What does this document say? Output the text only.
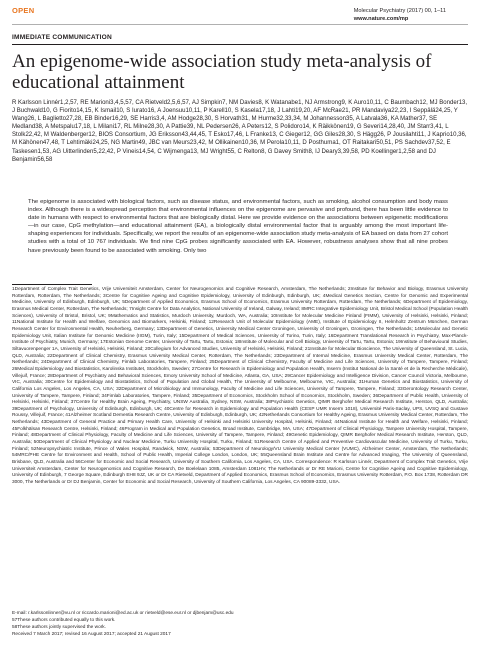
OPEN	Molecular Psychiatry (2017) 00, 1–11
www.nature.com/mp
IMMEDIATE COMMUNICATION
An epigenome-wide association study meta-analysis of educational attainment
R Karlsson Linnér1,2,57, RE Marioni3,4,5,57, CA Rietveld2,5,6,57, AJ Simpkin7, NM Davies8, K Watanabe1, NJ Armstrong9, K Auro10,11, C Baumbach12, MJ Bonder13, J Buchwald10, G Fiorito14,15, K Ismail10, S Iurato16, A Joensuu10,11, P Karell10, S Kasela17,18, J Lahti19,20, AF McRae21, PR Mandaviya22,23, I Seppälä24,25, Y Wang26, L Baglietto27,28, EB Binder16,29, SE Harris3,4, AM Hodge28,30, S Horvath31, M Hurme32,33,34, M Johannesson35, A Latvala36, KA Mather37, SE Medland38, A Metspalu17,18, L Milani17, RL Milne28,30, A Pattie39, NL Pedersen26, A Peters12, S Polidoro14, K Räikkönen19, G Severi14,28,40, JM Starr3,41, L Stolk22,42, M Waldenberger12, BIOS Consortium, JG Eriksson43,44,45, T Esko17,46, L Franke13, C Gieger12, GG Giles28,30, S Hägg26, P Jousilahti11, J Kaprio10,36, M Kähönen47,48, T Lehtimäki24,25, NG Martin49, JBC van Meurs23,42, M Ollikainen10,36, M Perola10,11, D Posthuma1, OT Raitakari50,51, PS Sachdev37,52, E Taskesen1,53, AG Uitterlinden5,22,42, P Vineis14,54, C Wijmenga13, MJ Wright55, C Relton8, G Davey Smith8, IJ Deary3,39,58, PD Koellinger1,2,58 and DJ Benjamin56,58
The epigenome is associated with biological factors, such as disease status, and environmental factors, such as smoking, alcohol consumption and body mass index. Although there is a widespread perception that environmental influences on the epigenome are pervasive and profound, there has been little evidence to date in humans with respect to environmental factors that are biologically distal. Here we provide evidence on the associations between epigenetic modifications—in our case, CpG methylation—and educational attainment (EA), a biologically distal environmental factor that is arguably among the most important life-shaping experiences for individuals. Specifically, we report the results of an epigenome-wide association study meta-analysis of EA based on data from 27 cohort studies with a total of 10 767 individuals. We find nine CpG probes significantly associated with EA. However, robustness analyses show that all nine probes have previously been found to be associated with smoking. Only two
1Department of Complex Trait Genetics, Vrije Universiteit Amsterdam, Center for Neurogenomics and Cognitive Research, Amsterdam, The Netherlands; 2Institute for Behavior and Biology, Erasmus University Rotterdam, Rotterdam, The Netherlands; 3Centre for Cognitive Ageing and Cognitive Epidemiology, University of Edinburgh, Edinburgh, UK; 4Medical Genetics Section, Centre for Genomic and Experimental Medicine, University of Edinburgh, Edinburgh, UK; 5Department of Applied Economics, Erasmus School of Economics, Erasmus University Rotterdam, Rotterdam, The Netherlands; 6Department of Epidemiology, Erasmus Medical Center, Rotterdam, The Netherlands; 7Insight Centre for Data Analytics, National University of Ireland, Galway, Ireland; 8MRC Integrative Epidemiology Unit, Bristol Medical School (Population Health Sciences), University of Bristol, Bristol, UK; 9Mathematics and Statistics, Murdoch University, Murdoch, WA, Australia; 10Institute for Molecular Medicine Finland (FIMM), University of Helsinki, Helsinki, Finland; 11National Institute for Health and Welfare, Genomics and Biomarkers, Helsinki, Finland; 12Research Unit of Molecular Epidemiology (AME), Institute of Epidemiology II, Helmholtz Zentrum München, German Research Center for Environmental Health, Neuherberg, Germany; 13Department of Genetics, University Medical Center Groningen, University of Groningen, Groningen, The Netherlands; 14Molecular and Genetic Epidemiology Unit, Italian Institute for Genomic Medicine (IIGM), Turin, Italy; 15Department of Medical Sciences, University of Torino, Turin, Italy; 16Department Translational Research in Psychiatry, Max-Planck-Institute of Psychiatry, Munich, Germany; 17Estonian Genome Center, University of Tartu, Tartu, Estonia; 18Institute of Molecular and Cell Biology, University of Tartu, Tartu, Estonia; 19Institute of Behavioural Studies, Siltavuorenpenger 1A, University of Helsinki, Helsinki, Finland; 20Collegium for Advanced Studies, University of Helsinki, Helsinki, Finland; 21Institute for Molecular Bioscience, The University of Queensland, St. Lucia, QLD, Australia; 22Department of Clinical Chemistry, Erasmus University Medical Center, Rotterdam, The Netherlands; 23Department of Internal Medicine, Erasmus University Medical Center, Rotterdam, The Netherlands; 24Department of Clinical Chemistry, Fimlab Laboratories, Tampere, Finland; 25Department of Clinical Chemistry, Faculty of Medicine and Life Sciences, University of Tampere, Tampere, Finland; 26Medical Epidemiology and Biostatistics, Karolinska Institutet, Stockholm, Sweden; 27Centre for Research in Epidemiology and Population Health, Inserm (Institut National de la Santé et de la Recherche Médicale), Villejuif, France; 28Department of Psychiatry and Behavioral Sciences, Emory University School of Medicine, Atlanta, GA, USA; 29Cancer Epidemiology and Intelligence Division, Cancer Council Victoria, Melbourne, VIC, Australia; 30Centre for Epidemiology and Biostatistics, School of Population and Global Health, The University of Melbourne, Melbourne, VIC, Australia; 31Human Genetics and Biostatistics, University of California Los Angeles, Los Angeles, CA, USA; 32Department of Microbiology and Immunology, Faculty of Medicine and Life Sciences, University of Tampere, Tampere, Finland; 33Gerontology Research Center, University of Tampere, Tampere, Finland; 34Fimlab Laboratories, Tampere, Finland; 35Department of Economics, Stockholm School of Economics, Stockholm, Sweden; 36Department of Public Health, University of Helsinki, Helsinki, Finland; 37Centre for Healthy Brain Ageing, Psychiatry, UNSW Australia, Sydney, NSW, Australia; 38Psychiatric Genetics, QIMR Berghofer Medical Research Institute, Herston, QLD, Australia; 39Department of Psychology, University of Edinburgh, Edinburgh, UK; 40Centre for Research in Epidemiology and Population Health (CESP UMR Inserm 1018), Université Paris-Saclay, UPS, UVSQ and Gustave Roussy, Villejuif, France; 41Alzheimer Scotland Dementia Research Centre, University of Edinburgh, Edinburgh, UK; 42Netherlands Consortium for Healthy Ageing, Erasmus University Medical Center, Rotterdam, The Netherlands; 43Department of General Practice and Primary Health Care, University of Helsinki and Helsinki University Hospital, Helsinki, Finland; 44National Institute for Health and Welfare, Helsinki, Finland; 45Folkhälsan Research Centre, Helsinki, Finland; 46Program in Medical and Population Genetics, Broad Institute, Cambridge, MA, USA; 47Department of Clinical Physiology, Tampere University Hospital, Tampere, Finland; 48Department of Clinical Physiology, Faculty of Medicine and Life Sciences, University of Tampere, Tampere, Finland; 49Genetic Epidemiology, QIMR Berghofer Medical Research Institute, Herston, QLD, Australia; 50Department of Clinical Physiology and Nuclear Medicine, Turku University Hospital, Turku, Finland; 51Research Centre of Applied and Preventive Cardiovascular Medicine, University of Turku, Turku, Finland; 52Neuropsychiatric Institute, Prince of Wales Hospital, Randwick, NSW, Australia; 53Department of Neurology/VU University Medical Center (VUMC), Alzheimer Center, Amsterdam, The Netherlands; 54MRC/PHE Centre for Environment and Health, School of Public Health, Imperial College London, London, UK; 55Queensland Brain Institute and Centre for Advanced Imaging, The University of Queensland, Brisbane, QLD, Australia and 56Center for Economic and Social Research, University of Southern California, Los Angeles, CA, USA. Correspondence: R Karlsson Linnér, Department of Complex Trait Genetics, Vrije Universiteit Amsterdam, Center for Neurogenomics and Cognitive Research, De Boelelaan 1085, Amsterdam 1081HV, The Netherlands or Dr RE Marioni, Centre for Cognitive Ageing and Cognitive Epidemiology, University of Edinburgh, 7 George Square, Edinburgh EH8 9JZ, UK or Dr CA Rietveld, Department of Applied Economics, Erasmus School of Economics, Erasmus University Rotterdam, P.O. Box 1738, Rotterdam DR 3000, The Netherlands or Dr DJ Benjamin, Center for Economic and Social Research, University of Southern California, Los Angeles, CA 90089-3332, USA.
E-mail: r.karlssonlinner@vu.nl or riccardo.marioni@ed.ac.uk or rietveld@ese.eur.nl or djbenjam@usc.edu
57These authors contributed equally to this work.
58These authors jointly supervised the work.
Received 7 March 2017; revised 16 August 2017; accepted 21 August 2017
